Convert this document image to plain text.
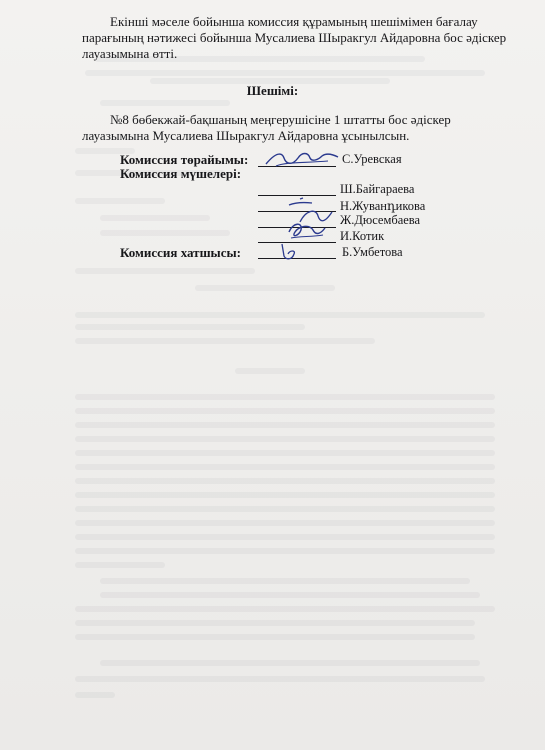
Екінші мәселе бойынша комиссия құрамының шешімімен бағалау парағының нәтижесі бойынша Мусалиева Шыракгул Айдаровна бос әдіскер лауазымына өтті.
Шешімі:
№8 бөбекжай-бақшаның меңгерушісіне 1 штатты бос әдіскер лауазымына Мусалиева Шыракгул Айдаровна ұсынылсын.
Комиссия төрайымы:	С.Уревская
Комиссия мүшелері:
Ш.Байгараева
Н.Жуванդикова
Ж.Дюсембаева
И.Котик
Комиссия хатшысы:	Б.Умбетова
